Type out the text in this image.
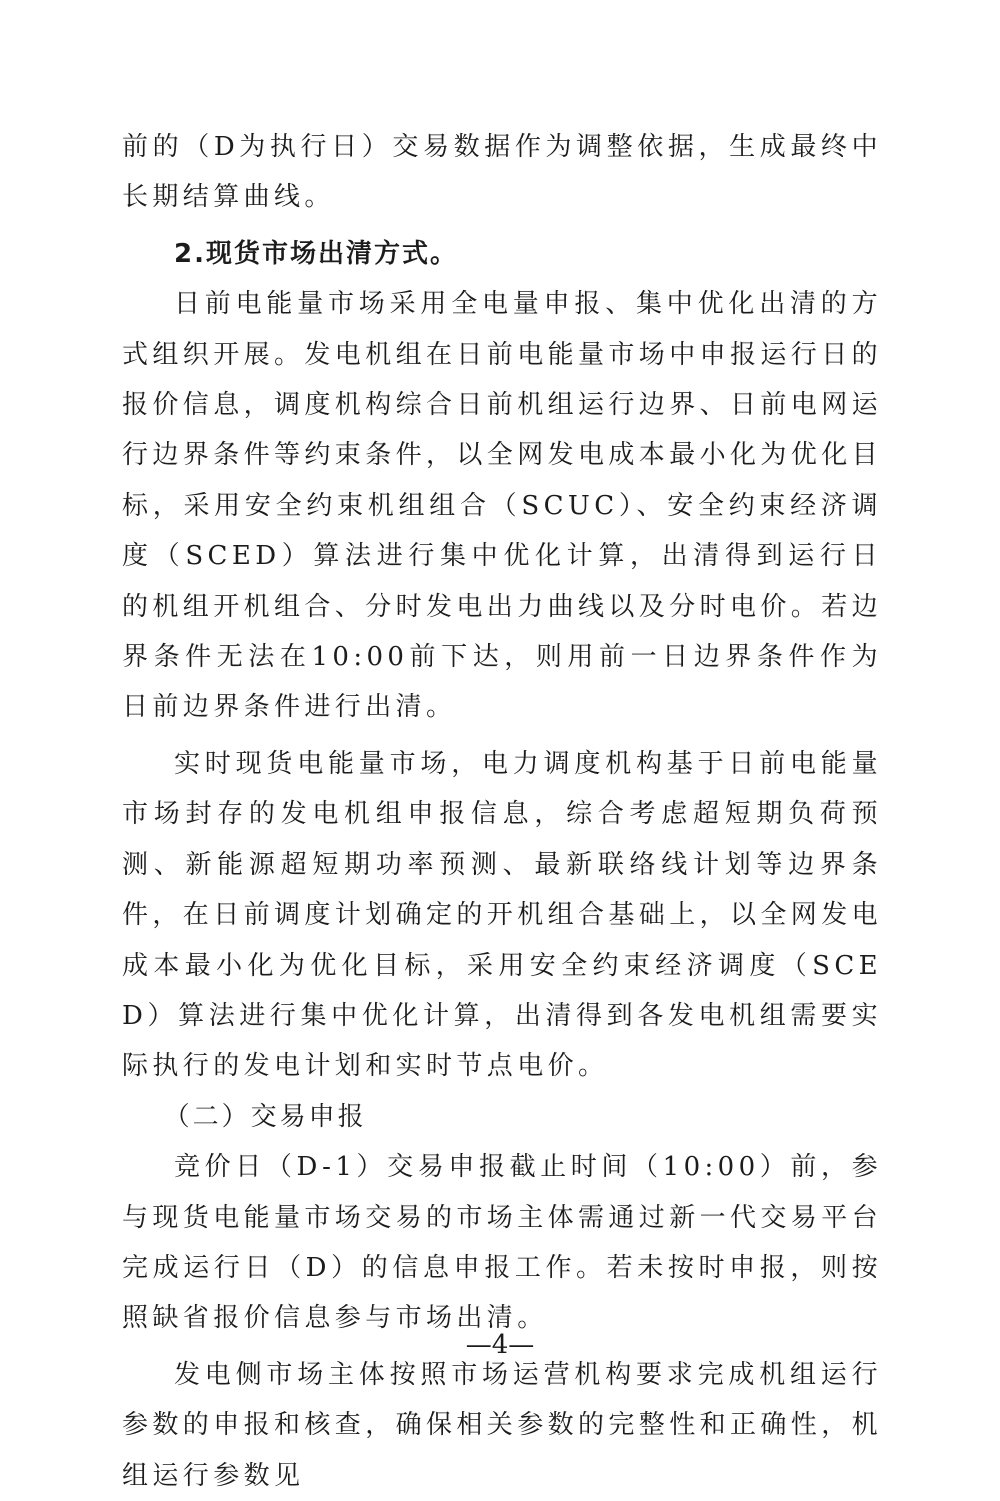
前的（D为执行日）交易数据作为调整依据，生成最终中长期结算曲线。

2.现货市场出清方式。

日前电能量市场采用全电量申报、集中优化出清的方式组织开展。发电机组在日前电能量市场中申报运行日的报价信息，调度机构综合日前机组运行边界、日前电网运行边界条件等约束条件，以全网发电成本最小化为优化目标，采用安全约束机组组合（SCUC）、安全约束经济调度（SCED）算法进行集中优化计算，出清得到运行日的机组开机组合、分时发电出力曲线以及分时电价。若边界条件无法在10:00前下达，则用前一日边界条件作为日前边界条件进行出清。

实时现货电能量市场，电力调度机构基于日前电能量市场封存的发电机组申报信息，综合考虑超短期负荷预测、新能源超短期功率预测、最新联络线计划等边界条件，在日前调度计划确定的开机组合基础上，以全网发电成本最小化为优化目标，采用安全约束经济调度（SCED）算法进行集中优化计算，出清得到各发电机组需要实际执行的发电计划和实时节点电价。

（二）交易申报

竞价日（D-1）交易申报截止时间（10:00）前，参与现货电能量市场交易的市场主体需通过新一代交易平台完成运行日（D）的信息申报工作。若未按时申报，则按照缺省报价信息参与市场出清。

发电侧市场主体按照市场运营机构要求完成机组运行参数的申报和核查，确保相关参数的完整性和正确性，机组运行参数见

—4—
